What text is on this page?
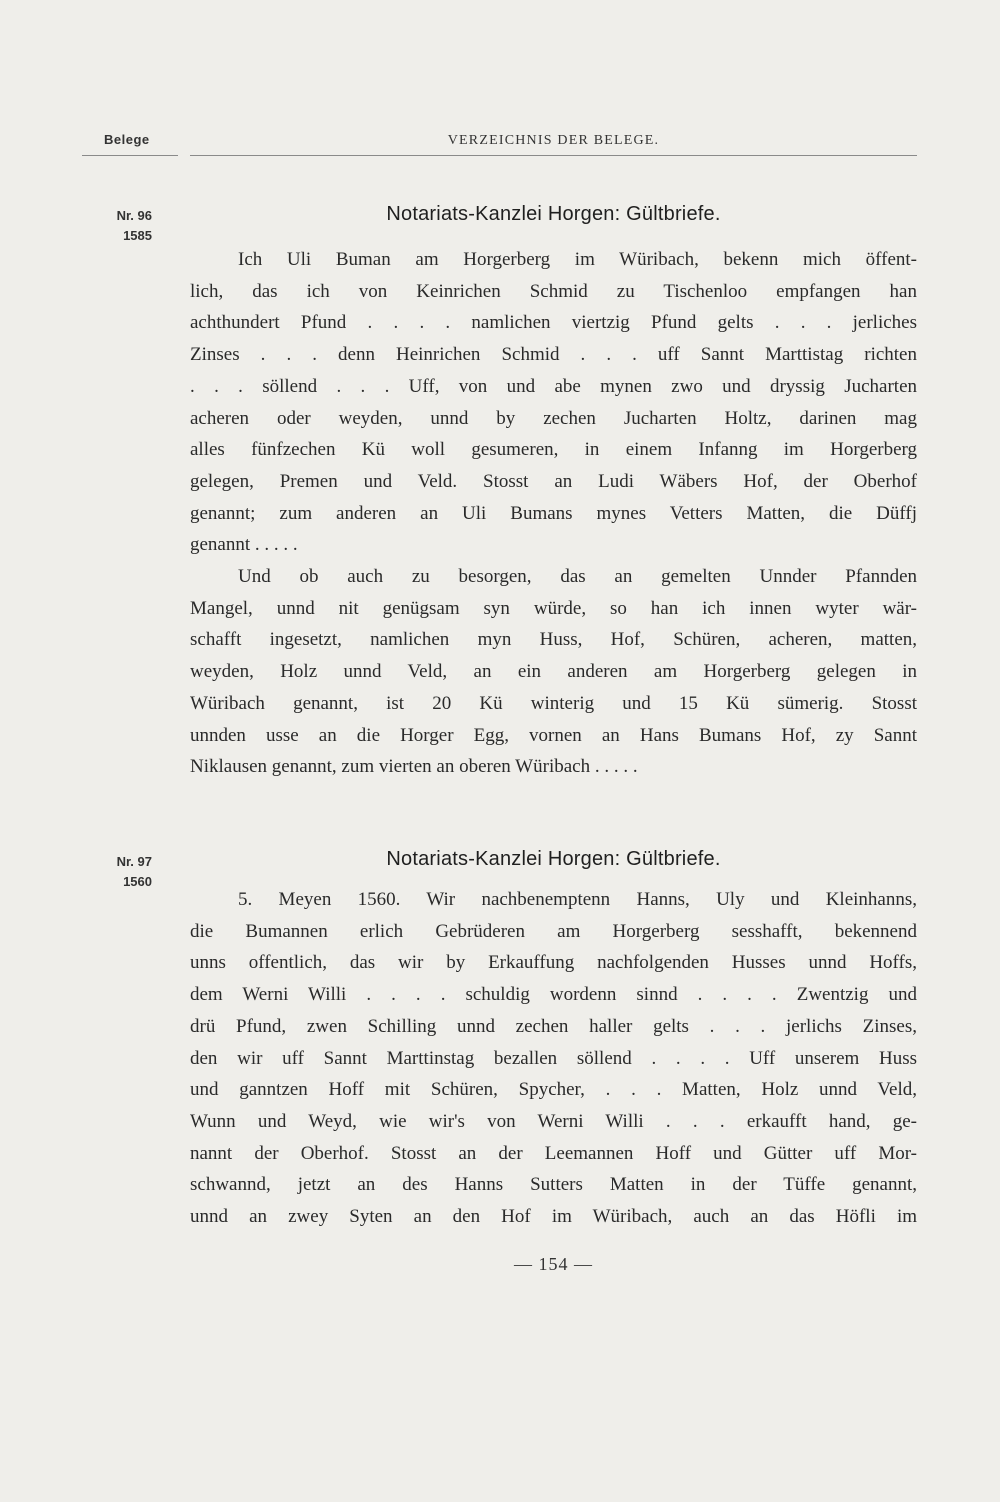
Belege	VERZEICHNIS DER BELEGE.
Nr. 96
1585
Notariats-Kanzlei Horgen: Gültbriefe.
Ich Uli Buman am Horgerberg im Würibach, bekenn mich öffent-
lich, das ich von Keinrichen Schmid zu Tischenloo empfangen han
achthundert Pfund . . . . namlichen viertzig Pfund gelts . . . jerliches
Zinses . . . denn Heinrichen Schmid . . . uff Sannt Marttistag richten
. . . söllend . . . Uff, von und abe mynen zwo und dryssig Jucharten
acheren oder weyden, unnd by zechen Jucharten Holtz, darinen mag
alles fünfzechen Kü woll gesumeren, in einem Infanng im Horgerberg
gelegen, Premen und Veld. Stosst an Ludi Wäbers Hof, der Oberhof
genannt; zum anderen an Uli Bumans mynes Vetters Matten, die Düffj
genannt . . . . .
Und ob auch zu besorgen, das an gemelten Unnder Pfannden
Mangel, unnd nit genügsam syn würde, so han ich innen wyter wär-
schafft ingesetzt, namlichen myn Huss, Hof, Schüren, acheren, matten,
weyden, Holz unnd Veld, an ein anderen am Horgerberg gelegen in
Würibach genannt, ist 20 Kü winterig und 15 Kü sümerig. Stosst
unnden usse an die Horger Egg, vornen an Hans Bumans Hof, zy Sannt
Niklausen genannt, zum vierten an oberen Würibach . . . . .
Nr. 97
1560
Notariats-Kanzlei Horgen: Gültbriefe.
5. Meyen 1560. Wir nachbenemptenn Hanns, Uly und Kleinhanns,
die Bumannen erlich Gebrüderen am Horgerberg sesshafft, bekennend
unns offentlich, das wir by Erkauffung nachfolgenden Husses unnd Hoffs,
dem Werni Willi . . . . schuldig wordenn sinnd . . . . Zwentzig und
drü Pfund, zwen Schilling unnd zechen haller gelts . . . jerlichs Zinses,
den wir uff Sannt Marttinstag bezallen söllend . . . . Uff unserem Huss
und ganntzen Hoff mit Schüren, Spycher, . . . Matten, Holz unnd Veld,
Wunn und Weyd, wie wir's von Werni Willi . . . erkaufft hand, ge-
nannt der Oberhof. Stosst an der Leemannen Hoff und Gütter uff Mor-
schwannd, jetzt an des Hanns Sutters Matten in der Tüffe genannt,
unnd an zwey Syten an den Hof im Würibach, auch an das Höfli im
— 154 —
